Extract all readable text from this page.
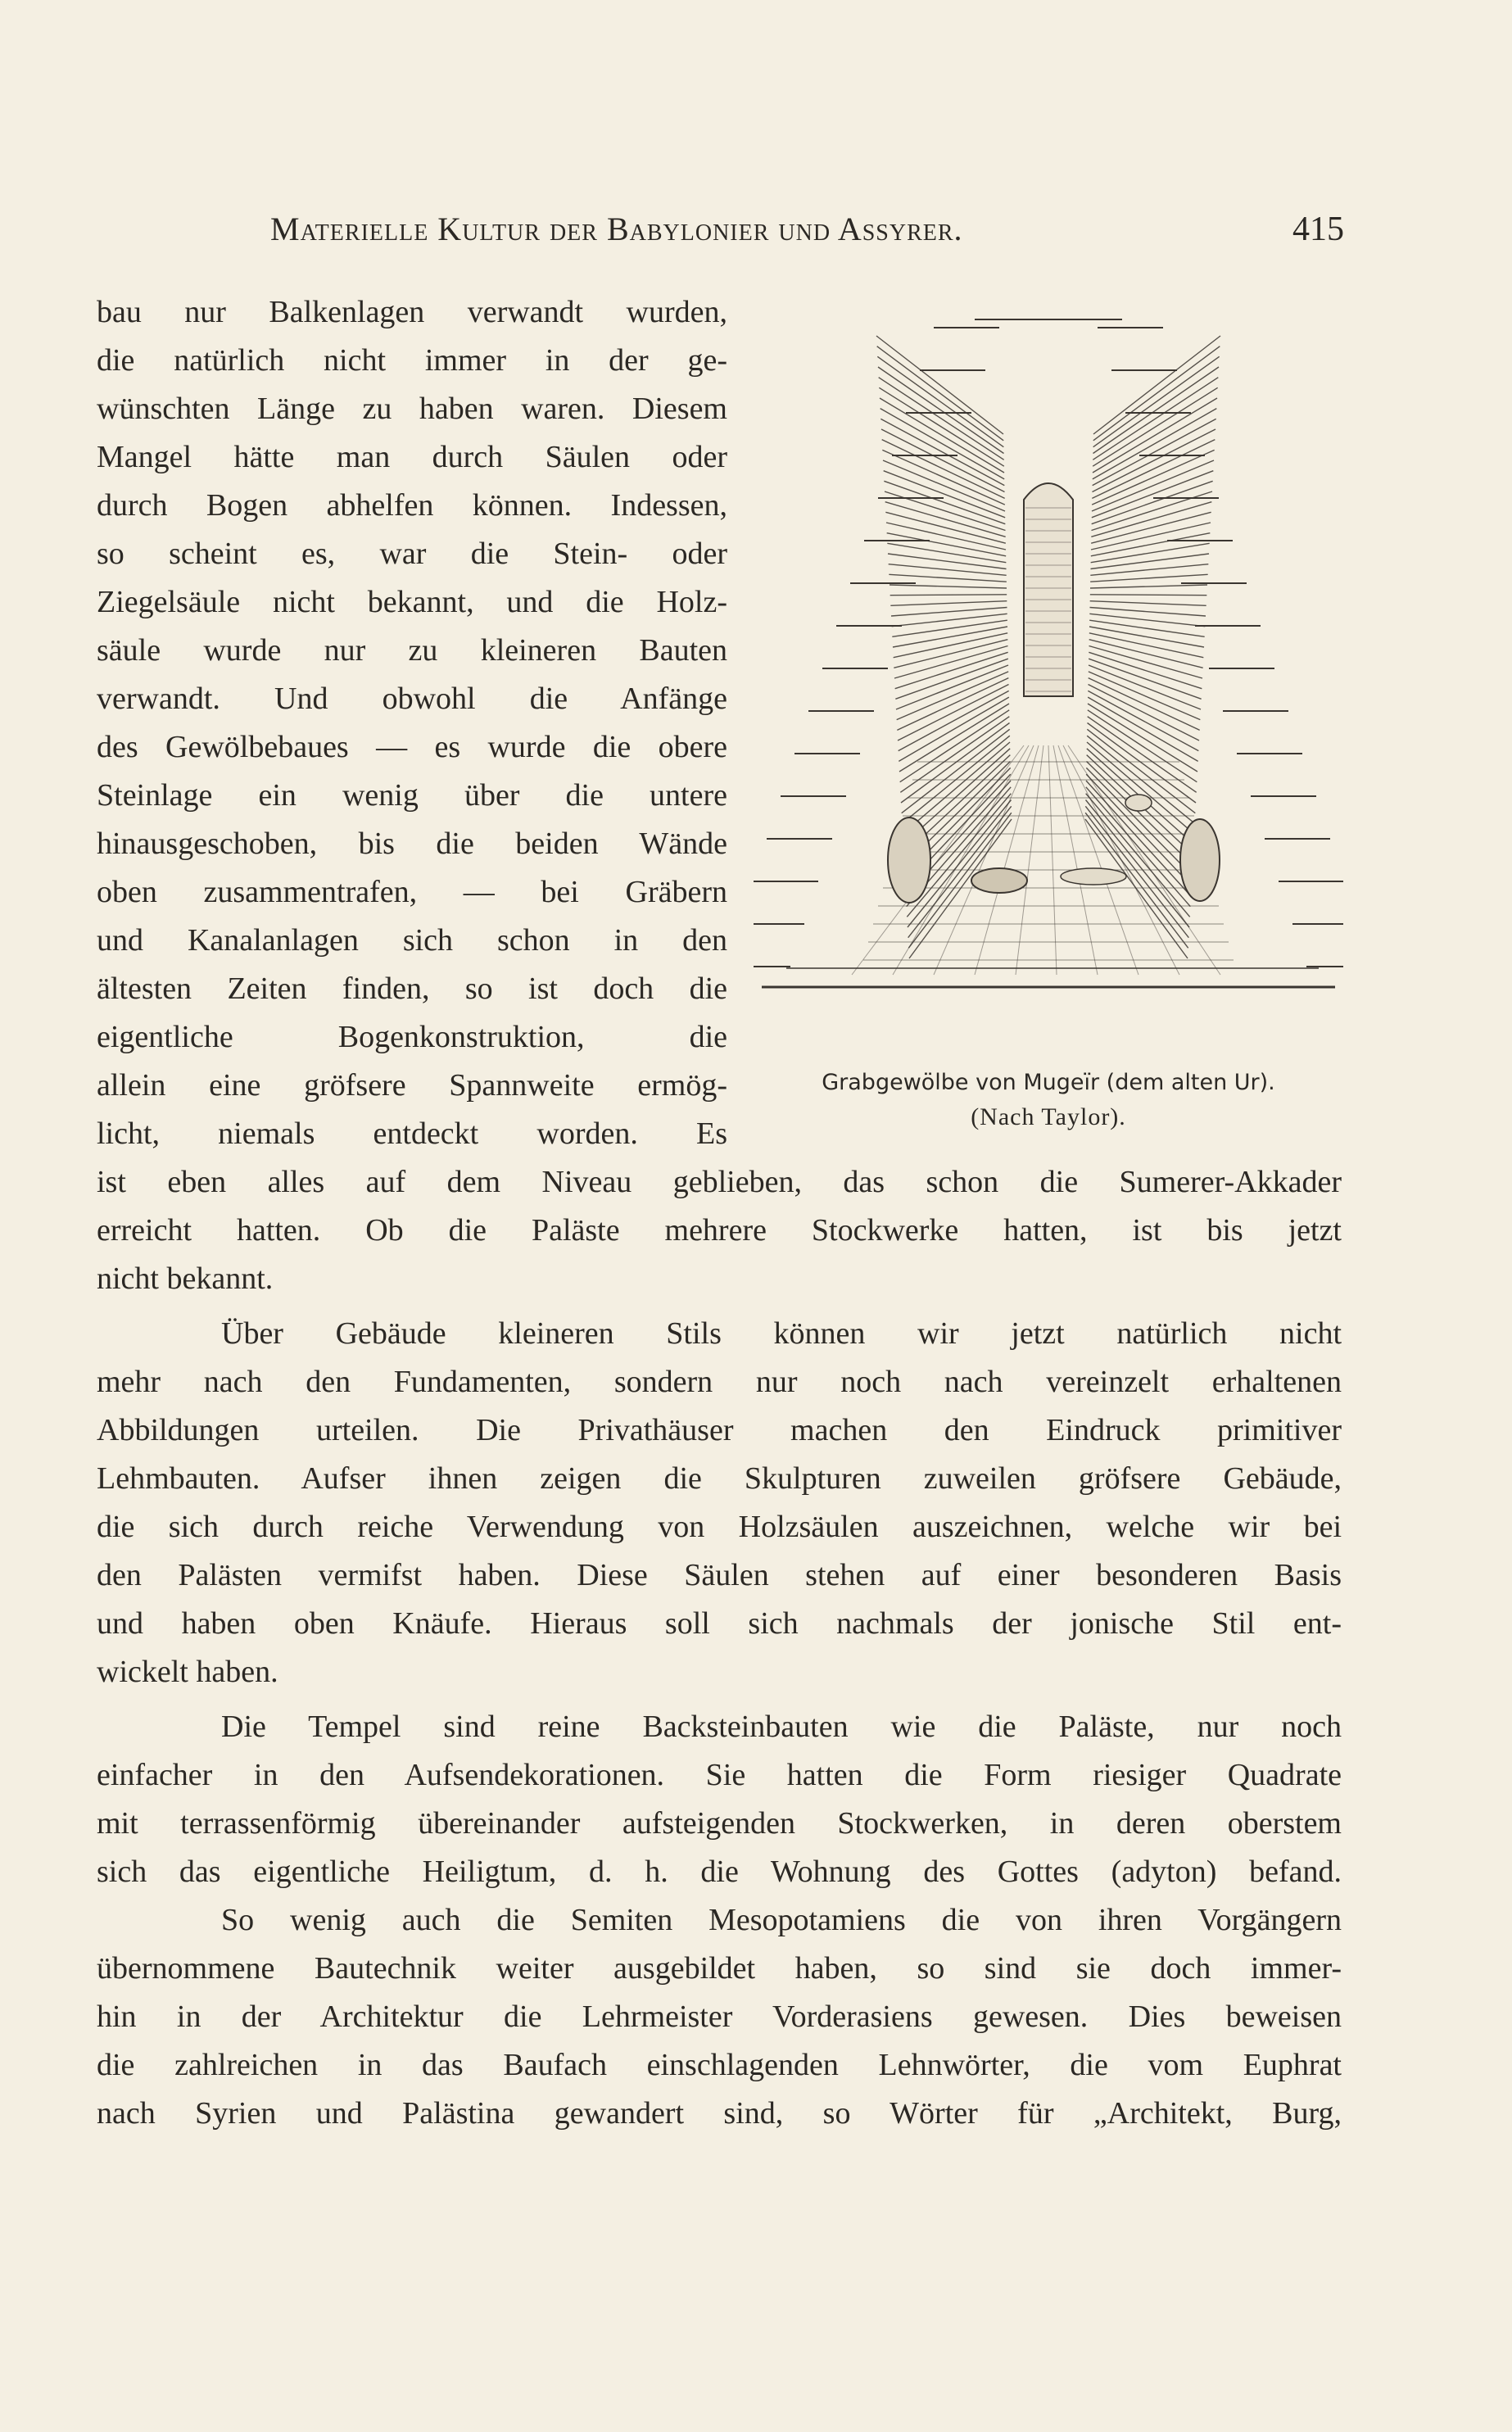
Materielle Kultur der Babylonier und Assyrer.	415

bau nur Balkenlagen verwandt wurden,

die natürlich nicht immer in der ge-

wünschten Länge zu haben waren. Diesem

Mangel hätte man durch Säulen oder

durch Bogen abhelfen können. Indessen,

so scheint es, war die Stein- oder

Ziegelsäule nicht bekannt, und die Holz-

säule wurde nur zu kleineren Bauten

verwandt. Und obwohl die Anfänge

des Gewölbebaues — es wurde die obere

Steinlage ein wenig über die untere

hinausgeschoben, bis die beiden Wände

oben zusammentrafen, — bei Gräbern

und Kanalanlagen sich schon in den

ältesten Zeiten finden, so ist doch die

eigentliche Bogenkonstruktion, die

allein eine gröfsere Spannweite ermög-

licht, niemals entdeckt worden. Es

Grabgewölbe von Mugeïr (dem alten Ur).
(Nach Taylor).

ist eben alles auf dem Niveau geblieben, das schon die Sumerer-Akkader

erreicht hatten. Ob die Paläste mehrere Stockwerke hatten, ist bis jetzt

nicht bekannt.

Über Gebäude kleineren Stils können wir jetzt natürlich nicht

mehr nach den Fundamenten, sondern nur noch nach vereinzelt erhaltenen

Abbildungen urteilen. Die Privathäuser machen den Eindruck primitiver

Lehmbauten. Aufser ihnen zeigen die Skulpturen zuweilen gröfsere Gebäude,

die sich durch reiche Verwendung von Holzsäulen auszeichnen, welche wir bei

den Palästen vermifst haben. Diese Säulen stehen auf einer besonderen Basis

und haben oben Knäufe. Hieraus soll sich nachmals der jonische Stil ent-

wickelt haben.

Die Tempel sind reine Backsteinbauten wie die Paläste, nur noch

einfacher in den Aufsendekorationen. Sie hatten die Form riesiger Quadrate

mit terrassenförmig übereinander aufsteigenden Stockwerken, in deren oberstem

sich das eigentliche Heiligtum, d. h. die Wohnung des Gottes (adyton) befand.

So wenig auch die Semiten Mesopotamiens die von ihren Vorgängern

übernommene Bautechnik weiter ausgebildet haben, so sind sie doch immer-

hin in der Architektur die Lehrmeister Vorderasiens gewesen. Dies beweisen

die zahlreichen in das Baufach einschlagenden Lehnwörter, die vom Euphrat

nach Syrien und Palästina gewandert sind, so Wörter für „Architekt, Burg,
